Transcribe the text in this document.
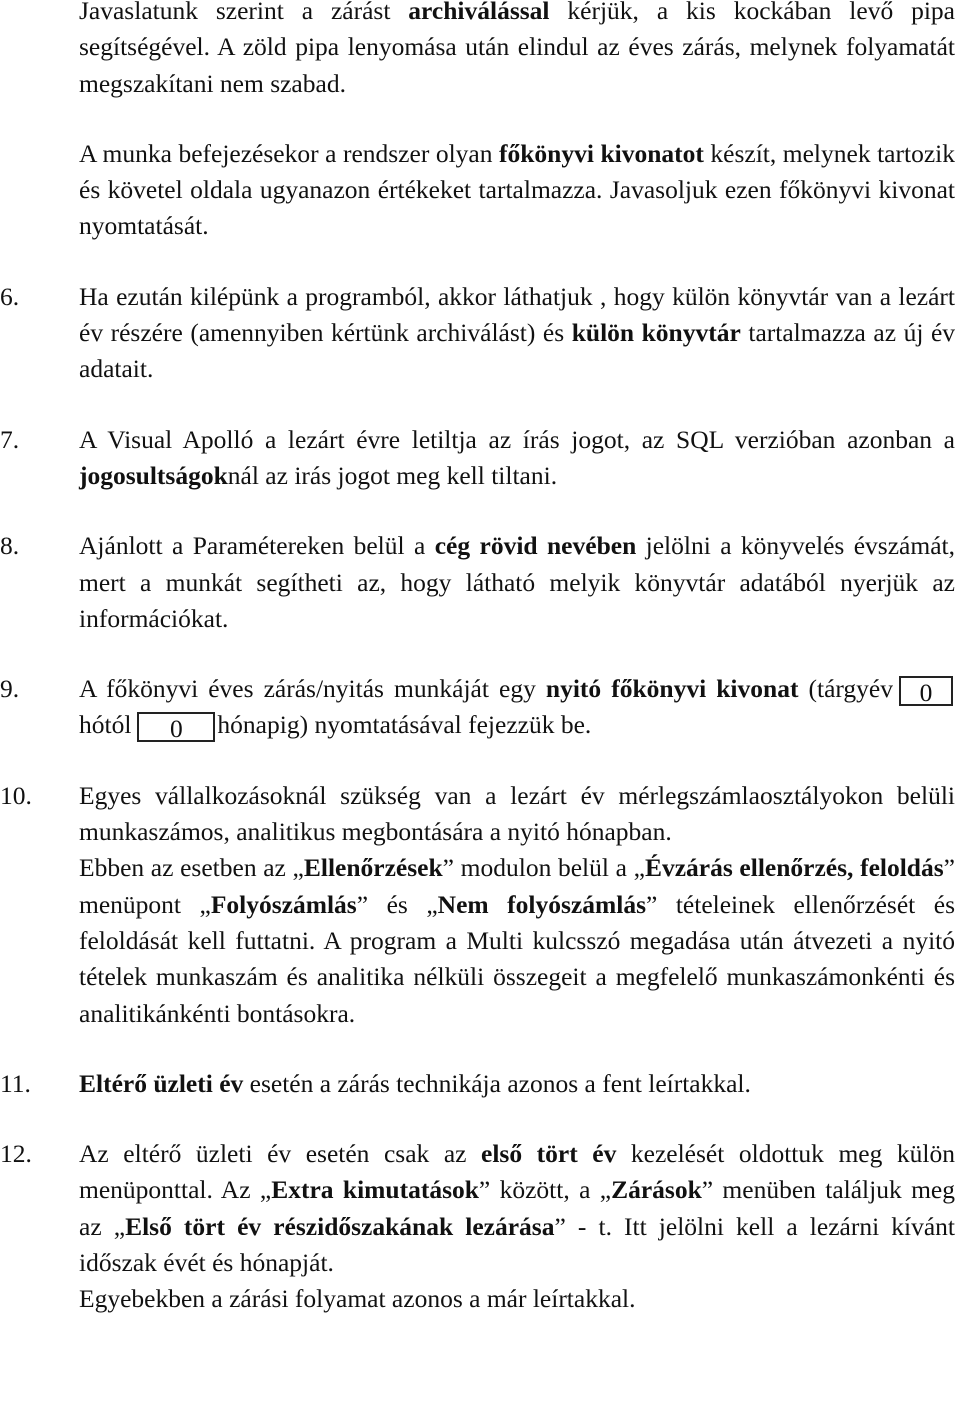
Javaslatunk szerint a zárást archiválással kérjük, a kis kockában levő pipa segítségével. A zöld pipa lenyomása után elindul az éves zárás, melynek folyamatát megszakítani nem szabad.

A munka befejezésekor a rendszer olyan főkönyvi kivonatot készít, melynek tartozik és követel oldala ugyanazon értékeket tartalmazza. Javasoljuk ezen főkönyvi kivonat nyomtatását.

6.	Ha ezután kilépünk a programból, akkor láthatjuk , hogy külön könyvtár van a lezárt év részére (amennyiben kértünk archiválást) és külön könyvtár tartalmazza az új év adatait.

7.	A Visual Apolló a lezárt évre letiltja az írás jogot, az SQL verzióban azonban a jogosultságoknál az irás jogot meg kell tiltani.

8.	Ajánlott a Paramétereken belül a cég rövid nevében jelölni a könyvelés évszámát, mert a munkát segítheti az, hogy látható melyik könyvtár adatából nyerjük az információkat.

9.	A főkönyvi éves zárás/nyitás munkáját egy nyitó főkönyvi kivonat (tárgyév 0hótól 0 hónapig) nyomtatásával fejezzük be.

10.	Egyes vállalkozásoknál szükség van a lezárt év mérlegszámlaosztályokon belüli munkaszámos, analitikus megbontására a nyitó hónapban.

Ebben az esetben az „Ellenőrzések” modulon belül a „Évzárás ellenőrzés, feloldás” menüpont „Folyószámlás” és „Nem folyószámlás” tételeinek ellenőrzését és feloldását kell futtatni. A program a Multi kulcsszó megadása után átvezeti a nyitó tételek munkaszám és analitika nélküli összegeit a megfelelő munkaszámonkénti és analitikánkénti bontásokra.

11.	Eltérő üzleti év esetén a zárás technikája azonos a fent leírtakkal.

12.	Az eltérő üzleti év esetén csak az első tört év kezelését oldottuk meg külön menüponttal. Az „Extra kimutatások” között, a „Zárások” menüben találjuk meg az „Első tört év részidőszakának lezárása” - t. Itt jelölni kell a lezárni kívánt időszak évét és hónapját.

Egyebekben a zárási folyamat azonos a már leírtakkal.
